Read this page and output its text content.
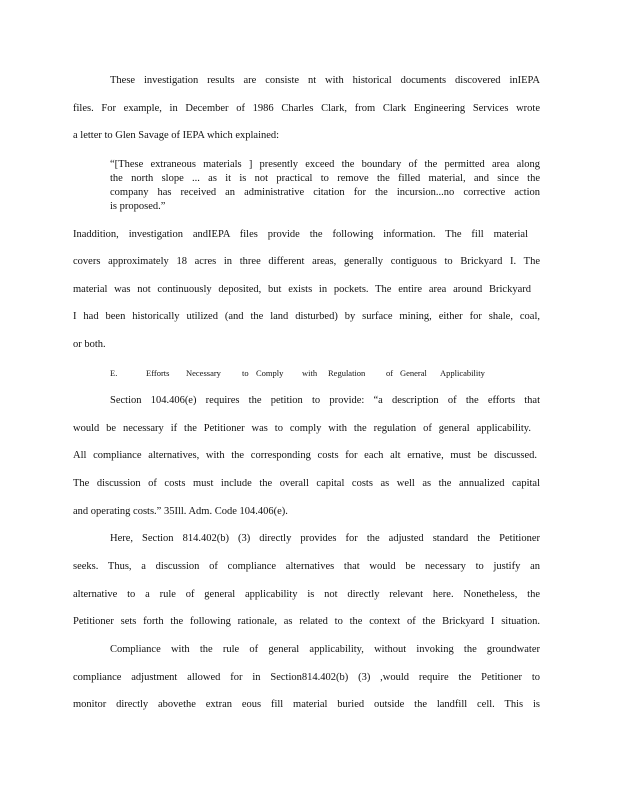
These investigation results are consiste nt with historical documents discovered inIEPA
files. For example, in December of 1986 Charles Clark, from Clark Engineering Services wrote
a letter to Glen Savage of IEPA which explained:
“[These extraneous materials ] presently exceed the boundary of the permitted area along
the north slope ... as it is not practical to remove the filled material, and since the
company has received an administrative citation for the incursion...no corrective action
is proposed.”
Inaddition, investigation andIEPA files provide the following information. The fill material
covers approximately 18 acres in three different areas, generally contiguous to Brickyard I. The
material was not continuously deposited, but exists in pockets. The entire area around Brickyard
I had been historically utilized (and the land disturbed) by surface mining, either for shale, coal,
or both.
E.	Efforts Necessary to Comply with Regulation of General Applicability
Section 104.406(e) requires the petition to provide: “a description of the efforts that
would be necessary if the Petitioner was to comply with the regulation of general applicability.
All compliance alternatives, with the corresponding costs for each alt ernative, must be discussed.
The discussion of costs must include the overall capital costs as well as the annualized capital
and operating costs.” 35Ill. Adm. Code 104.406(e).
Here, Section 814.402(b) (3) directly provides for the adjusted standard the Petitioner
seeks. Thus, a discussion of compliance alternatives that would be necessary to justify an
alternative to a rule of general applicability is not directly relevant here. Nonetheless, the
Petitioner sets forth the following rationale, as related to the context of the Brickyard I situation.
Compliance with the rule of general applicability, without invoking the groundwater
compliance adjustment allowed for in Section814.402(b) (3) ,would require the Petitioner to
monitor directly abovethe extran eous fill material buried outside the landfill cell. This is
